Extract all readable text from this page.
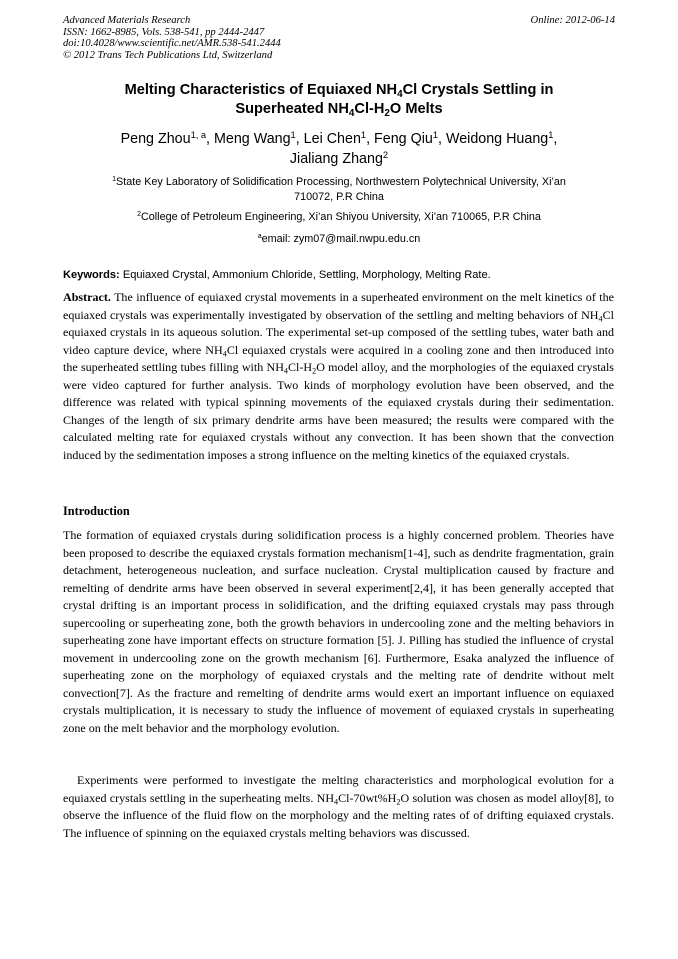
Advanced Materials Research
ISSN: 1662-8985, Vols. 538-541, pp 2444-2447
doi:10.4028/www.scientific.net/AMR.538-541.2444
© 2012 Trans Tech Publications Ltd, Switzerland
Online: 2012-06-14
Melting Characteristics of Equiaxed $NH_4Cl$ Crystals Settling in
Superheated $NH_4Cl-H_2O$ Melts
Peng Zhou$^{1, a}$, Meng Wang$^1$, Lei Chen$^1$, Feng Qiu$^1$, Weidong Huang$^1$,
Jialiang Zhang$^2$
$^1$State Key Laboratory of Solidification Processing, Northwestern Polytechnical University, Xi’an
710072, P.R China
$^2$College of Petroleum Engineering, Xi’an Shiyou University, Xi’an 710065, P.R China
$^a$email: zym07@mail.nwpu.edu.cn
Keywords: Equiaxed Crystal, Ammonium Chloride, Settling, Morphology, Melting Rate.
Abstract. The influence of equiaxed crystal movements in a superheated environment on the melt kinetics of the equiaxed crystals was experimentally investigated by observation of the settling and melting behaviors of $NH_4Cl$ equiaxed crystals in its aqueous solution. The experimental set-up composed of the settling tubes, water bath and video capture device, where $NH_4Cl$ equiaxed crystals were acquired in a cooling zone and then introduced into the superheated settling tubes filling with $NH_4Cl-H_2O$ model alloy, and the morphologies of the equiaxed crystals were video captured for further analysis. Two kinds of morphology evolution have been observed, and the difference was related with typical spinning movements of the equiaxed crystals during their sedimentation. Changes of the length of six primary dendrite arms have been measured; the results were compared with the calculated melting rate for equiaxed crystals without any convection. It has been shown that the convection induced by the sedimentation imposes a strong influence on the melting kinetics of the equiaxed crystals.
Introduction
The formation of equiaxed crystals during solidification process is a highly concerned problem. Theories have been proposed to describe the equiaxed crystals formation mechanism[1-4], such as dendrite fragmentation, grain detachment, heterogeneous nucleation, and surface nucleation. Crystal multiplication caused by fracture and remelting of dendrite arms have been observed in several experiment[2,4], it has been generally accepted that crystal drifting is an important process in solidification, and the drifting equiaxed crystals may pass through supercooling or superheating zone, both the growth behaviors in undercooling zone and the melting behaviors in superheating zone have important effects on structure formation [5]. J. Pilling has studied the influence of crystal movement in undercooling zone on the growth mechanism [6]. Furthermore, Esaka analyzed the influence of superheating zone on the morphology of equiaxed crystals and the melting rate of dendrite without melt convection[7]. As the fracture and remelting of dendrite arms would exert an important influence on equiaxed crystals multiplication, it is necessary to study the influence of movement of equiaxed crystals in superheating zone on the melt behavior and the morphology evolution.
Experiments were performed to investigate the melting characteristics and morphological evolution for a equiaxed crystals settling in the superheating melts. $NH_4Cl-70wt\%H_2O$ solution was chosen as model alloy[8], to observe the influence of the fluid flow on the morphology and the melting rates of of drifting equiaxed crystals. The influence of spinning on the equiaxed crystals melting behaviors was discussed.
